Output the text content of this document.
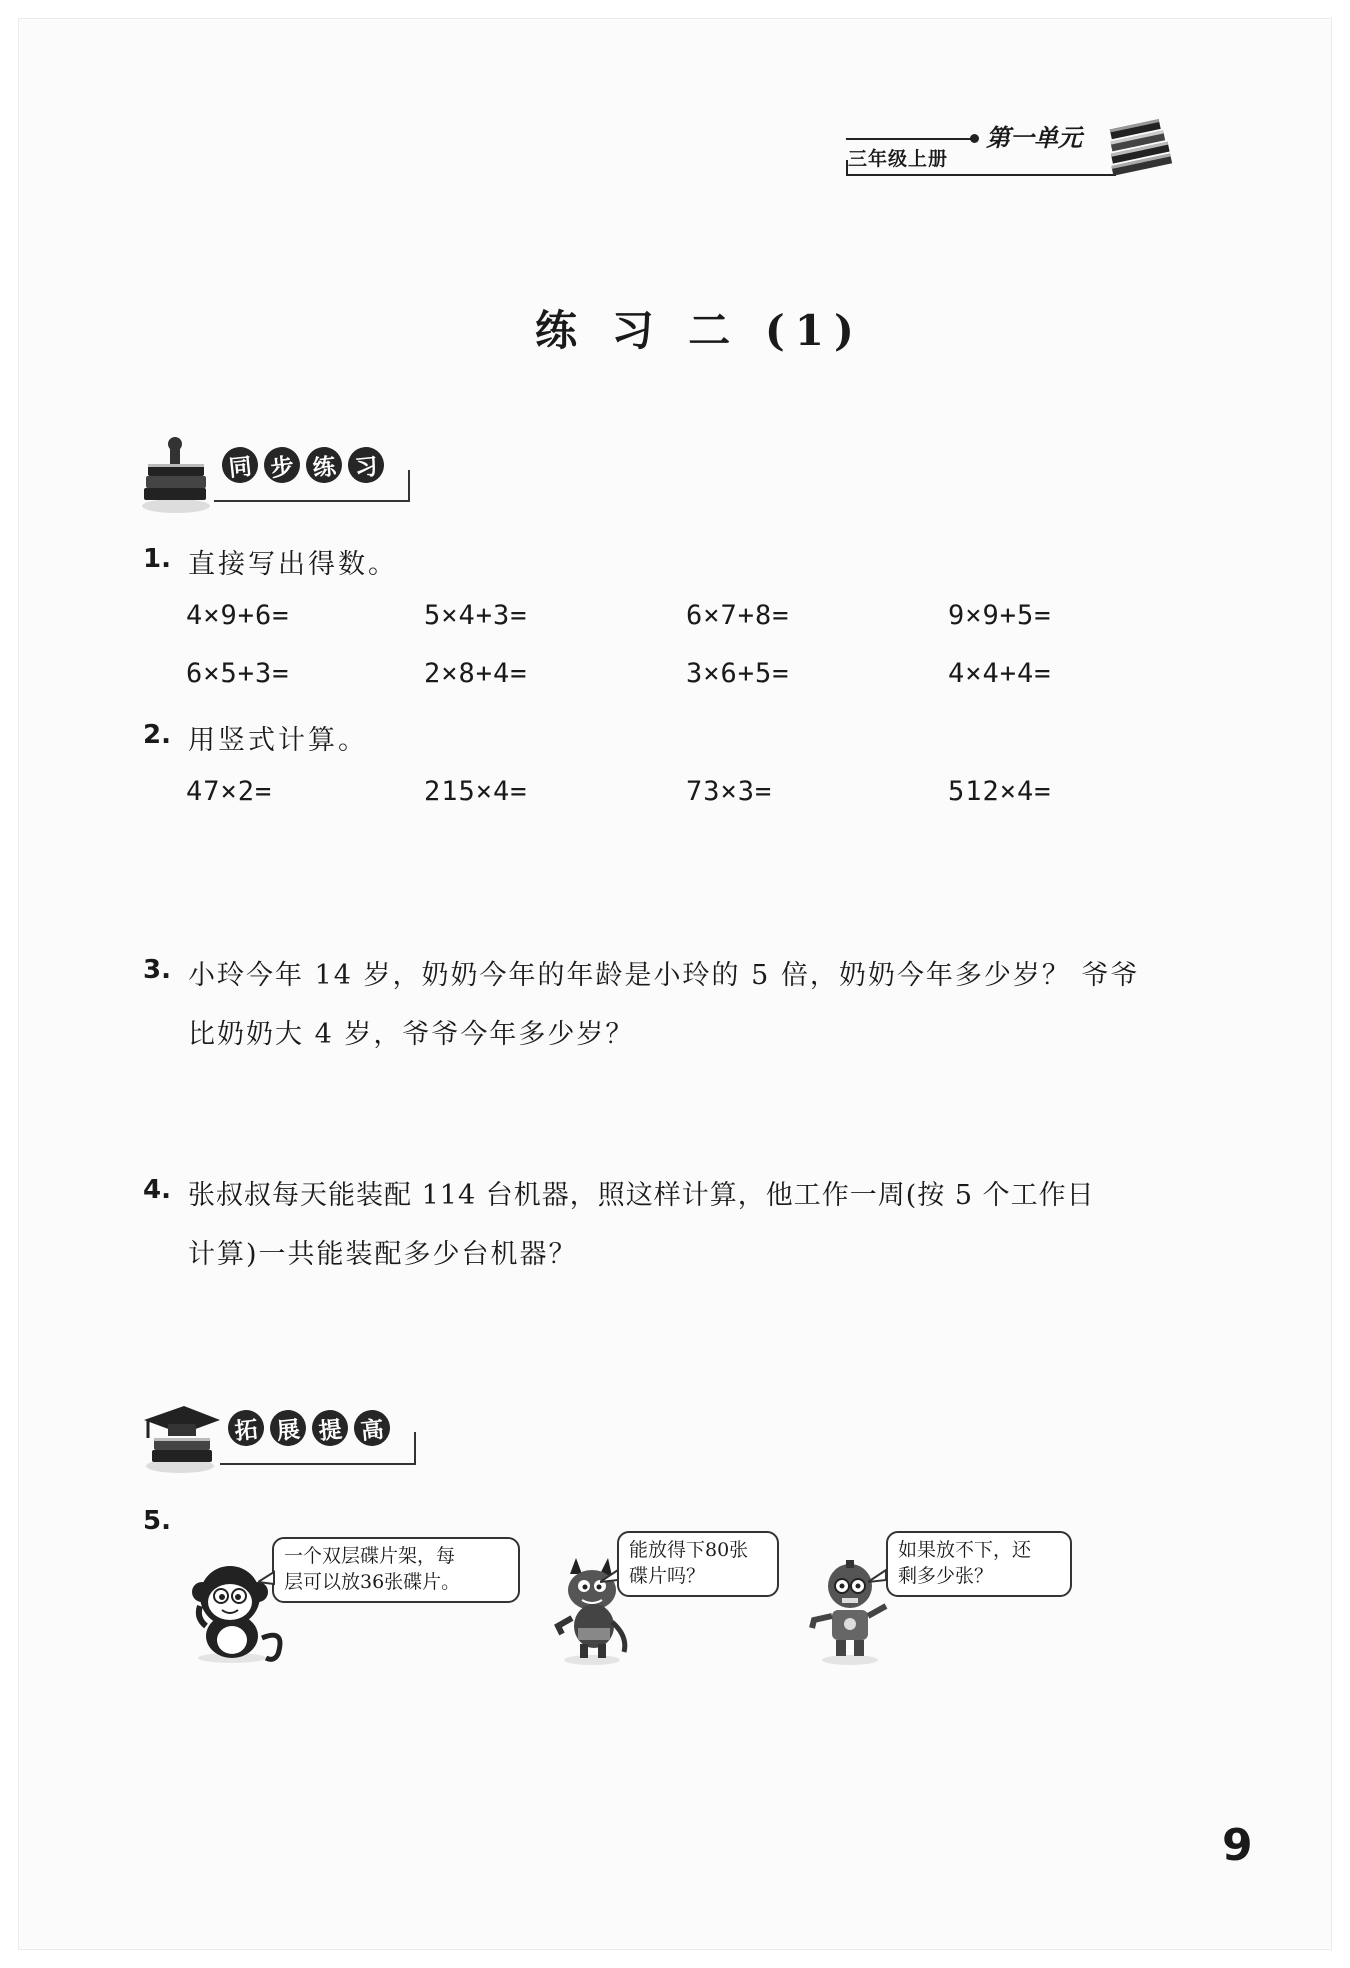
三年级上册
第一单元
练 习 二 (1)
同 步 练 习
1. 直接写出得数。
4×9+6=	5×4+3=	6×7+8=	9×9+5=
6×5+3=	2×8+4=	3×6+5=	4×4+4=
2. 用竖式计算。
47×2=	215×4=	73×3=	512×4=
3. 小玲今年 14 岁，奶奶今年的年龄是小玲的 5 倍，奶奶今年多少岁？ 爷爷
比奶奶大 4 岁，爷爷今年多少岁？
4. 张叔叔每天能装配 114 台机器，照这样计算，他工作一周(按 5 个工作日
计算)一共能装配多少台机器？
拓 展 提 高
5.
一个双层碟片架，每
层可以放36张碟片。
能放得下80张
碟片吗？
如果放不下，还
剩多少张？
9
